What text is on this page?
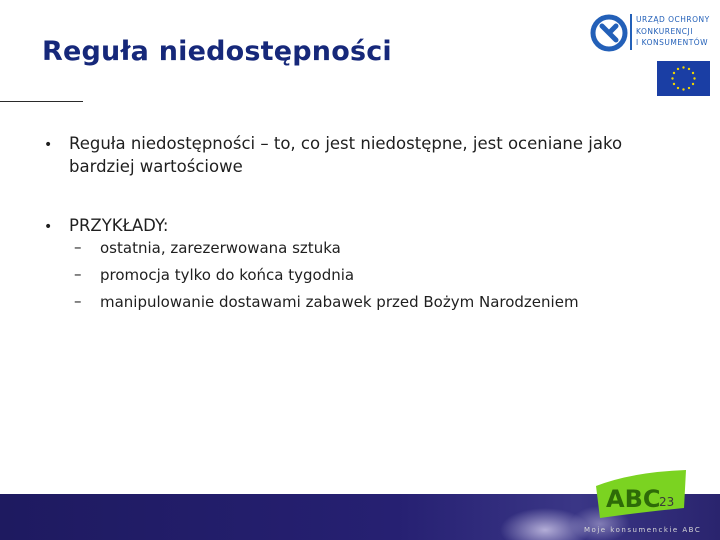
Reguła niedostępności
URZĄD OCHRONY
KONKURENCJI
I KONSUMENTÓW
• Reguła niedostępności – to, co jest niedostępne, jest oceniane jako bardziej wartościowe
• PRZYKŁADY:
– ostatnia, zarezerwowana sztuka
– promocja tylko do końca tygodnia
– manipulowanie dostawami zabawek przed Bożym Narodzeniem
ABC
23
Moje konsumenckie ABC
